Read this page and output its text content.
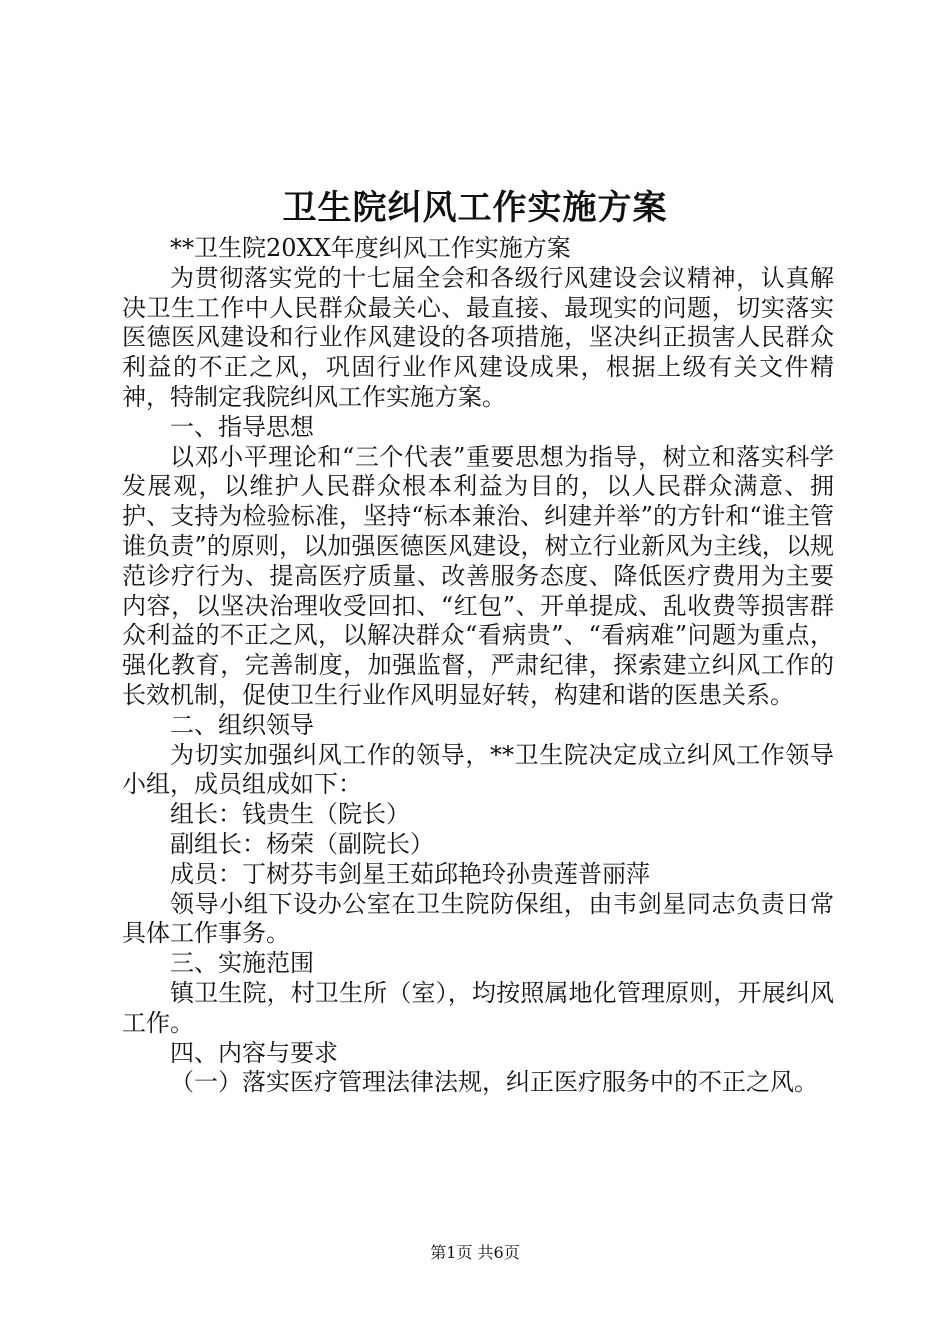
卫生院纠风工作实施方案

**卫生院20XX年度纠风工作实施方案

为贯彻落实党的十七届全会和各级行风建设会议精神，认真解决卫生工作中人民群众最关心、最直接、最现实的问题，切实落实医德医风建设和行业作风建设的各项措施，坚决纠正损害人民群众利益的不正之风，巩固行业作风建设成果，根据上级有关文件精神，特制定我院纠风工作实施方案。

一、指导思想

以邓小平理论和“三个代表”重要思想为指导，树立和落实科学发展观，以维护人民群众根本利益为目的，以人民群众满意、拥护、支持为检验标准，坚持“标本兼治、纠建并举”的方针和“谁主管谁负责”的原则，以加强医德医风建设，树立行业新风为主线，以规范诊疗行为、提高医疗质量、改善服务态度、降低医疗费用为主要内容，以坚决治理收受回扣、“红包”、开单提成、乱收费等损害群众利益的不正之风，以解决群众“看病贵”、“看病难”问题为重点，强化教育，完善制度，加强监督，严肃纪律，探索建立纠风工作的长效机制，促使卫生行业作风明显好转，构建和谐的医患关系。

二、组织领导

为切实加强纠风工作的领导，**卫生院决定成立纠风工作领导小组，成员组成如下：

组长：钱贵生（院长）

副组长：杨荣（副院长）

成员：丁树芬韦剑星王茹邱艳玲孙贵莲普丽萍

领导小组下设办公室在卫生院防保组，由韦剑星同志负责日常具体工作事务。

三、实施范围

镇卫生院，村卫生所（室），均按照属地化管理原则，开展纠风工作。

四、内容与要求

（一）落实医疗管理法律法规，纠正医疗服务中的不正之风。

第1页 共6页
